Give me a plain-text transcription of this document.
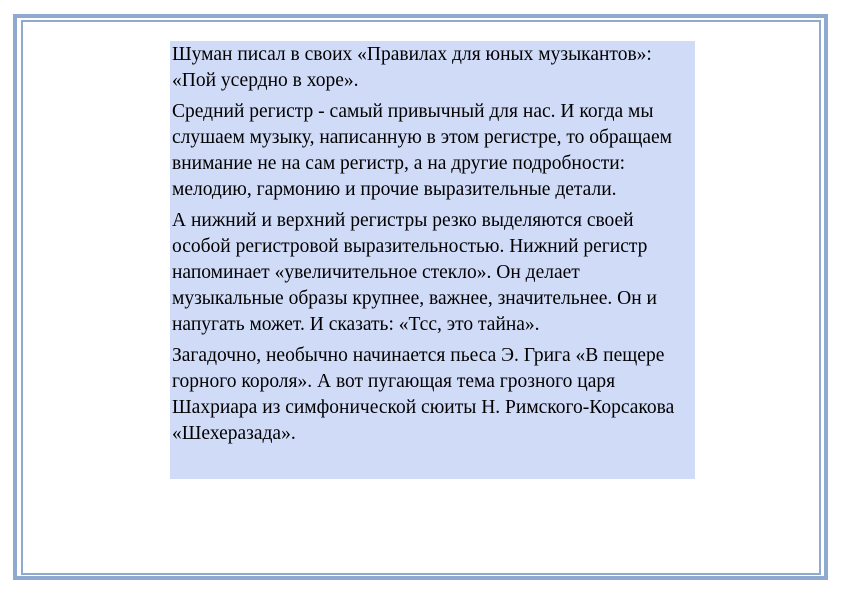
Шуман писал в своих «Правилах для юных музыкантов»: «Пой усердно в хоре».

Средний регистр - самый привычный для нас. И когда мы слушаем музыку, написанную в этом регистре, то обращаем внимание не на сам регистр, а на другие подробности: мелодию, гармонию и прочие выразительные детали.

А нижний и верхний регистры резко выделяются своей особой регистровой выразительностью. Нижний регистр напоминает «увеличительное стекло». Он делает музыкальные образы крупнее, важнее, значительнее. Он и напугать может. И сказать: «Тсс, это тайна».

Загадочно, необычно начинается пьеса Э. Грига «В пещере горного короля». А вот пугающая тема грозного царя Шахриара из симфонической сюиты Н. Римского-Корсакова «Шехеразада».
